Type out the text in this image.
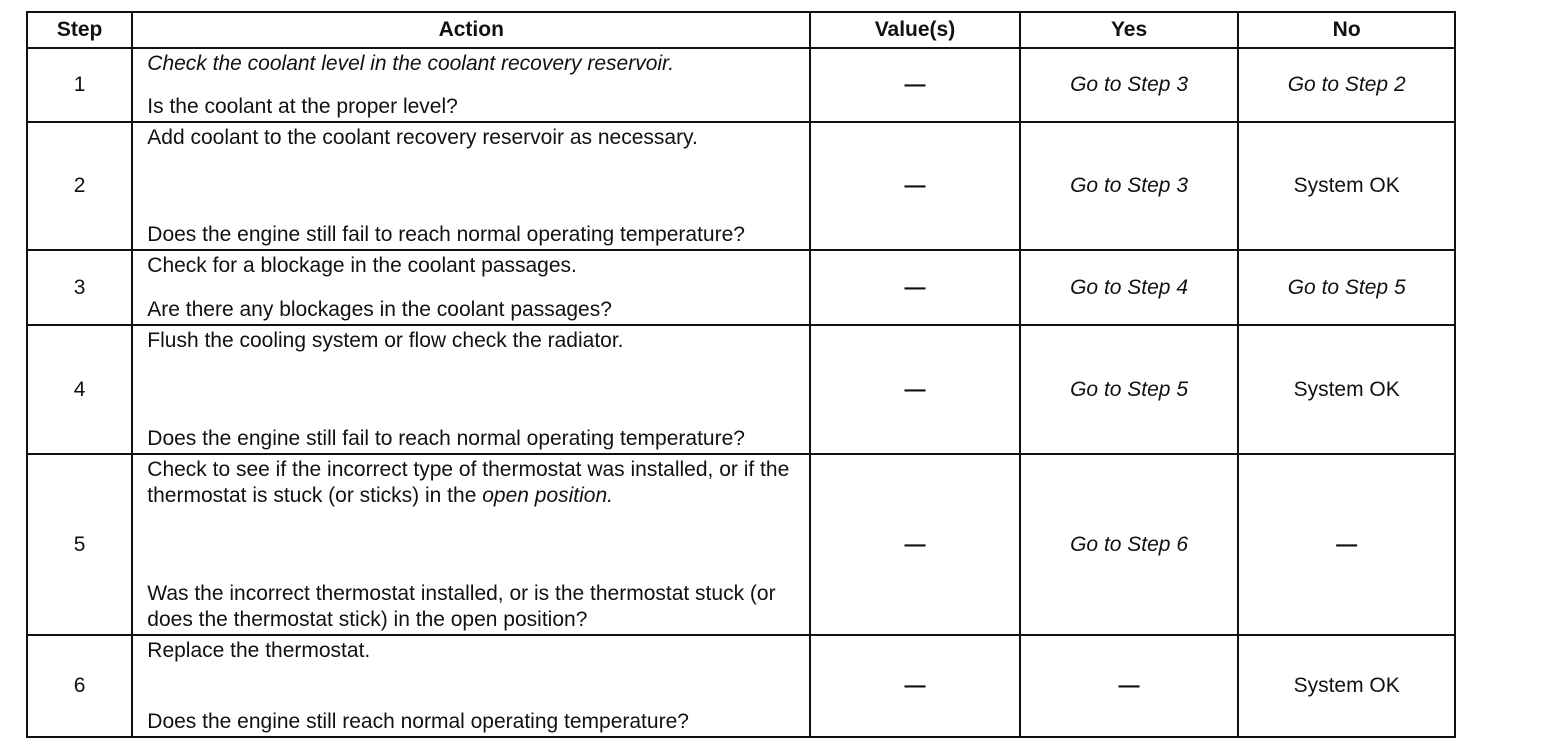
Step	Action	Value(s)	Yes	No
1	Check the coolant level in the coolant recovery reservoir.

Is the coolant at the proper level?	—	Go to Step 3	Go to Step 2
2	Add coolant to the coolant recovery reservoir as necessary.

Does the engine still fail to reach normal operating temperature?	—	Go to Step 3	System OK
3	Check for a blockage in the coolant passages.

Are there any blockages in the coolant passages?	—	Go to Step 4	Go to Step 5
4	Flush the cooling system or flow check the radiator.

Does the engine still fail to reach normal operating temperature?	—	Go to Step 5	System OK
5	Check to see if the incorrect type of thermostat was installed, or if the thermostat is stuck (or sticks) in the open position.

Was the incorrect thermostat installed, or is the thermostat stuck (or does the thermostat stick) in the open position?	—	Go to Step 6	—
6	Replace the thermostat.

Does the engine still reach normal operating temperature?	—	—	System OK
